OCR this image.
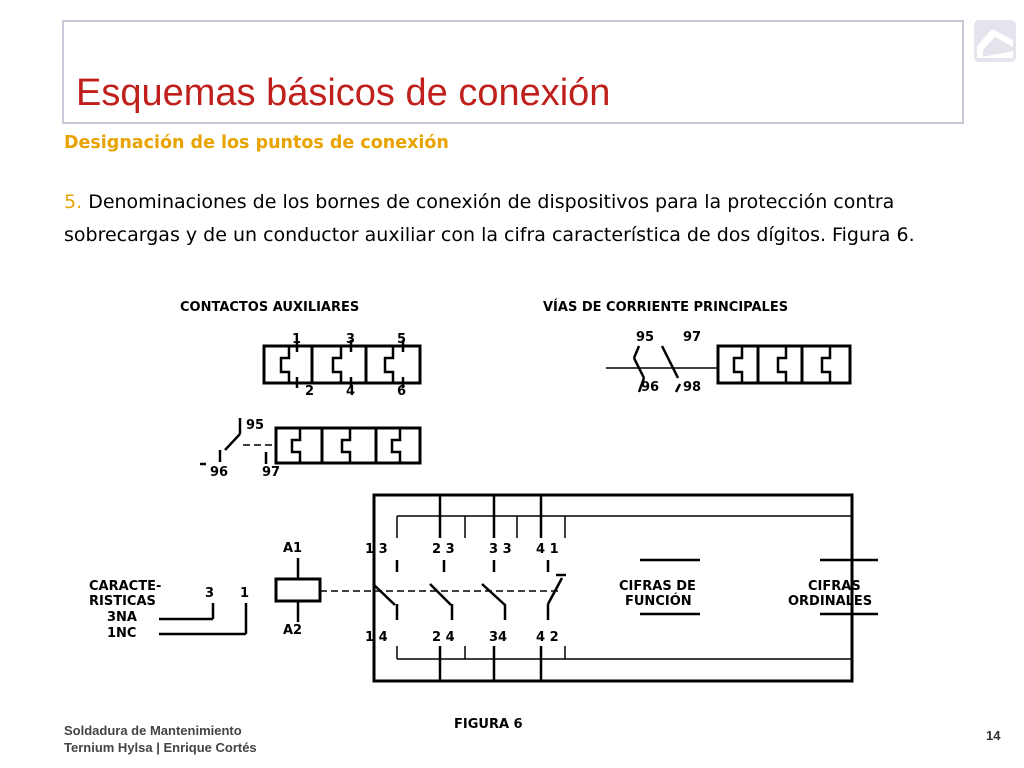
Esquemas básicos de conexión
Designación de los puntos de conexión
5. Denominaciones de los bornes de conexión de dispositivos para la protección contra sobrecargas y de un conductor auxiliar con la cifra característica de dos dígitos. Figura 6.
CONTACTOS AUXILIARES	VÍAS DE CORRIENTE PRINCIPALES
1	3	5
2 4	6
95 97
96 98
95
96	97
A1
A2
1 3	2 3	3 3 4 1
1 4	2 4	34 4 2
CARACTE-
RISTICAS
3NA
1NC
3 1	CIFRAS DE
FUNCIÓN
CIFRAS
ORDINALES
FIGURA 6
Soldadura de Mantenimiento
Ternium Hylsa | Enrique Cortés
14
